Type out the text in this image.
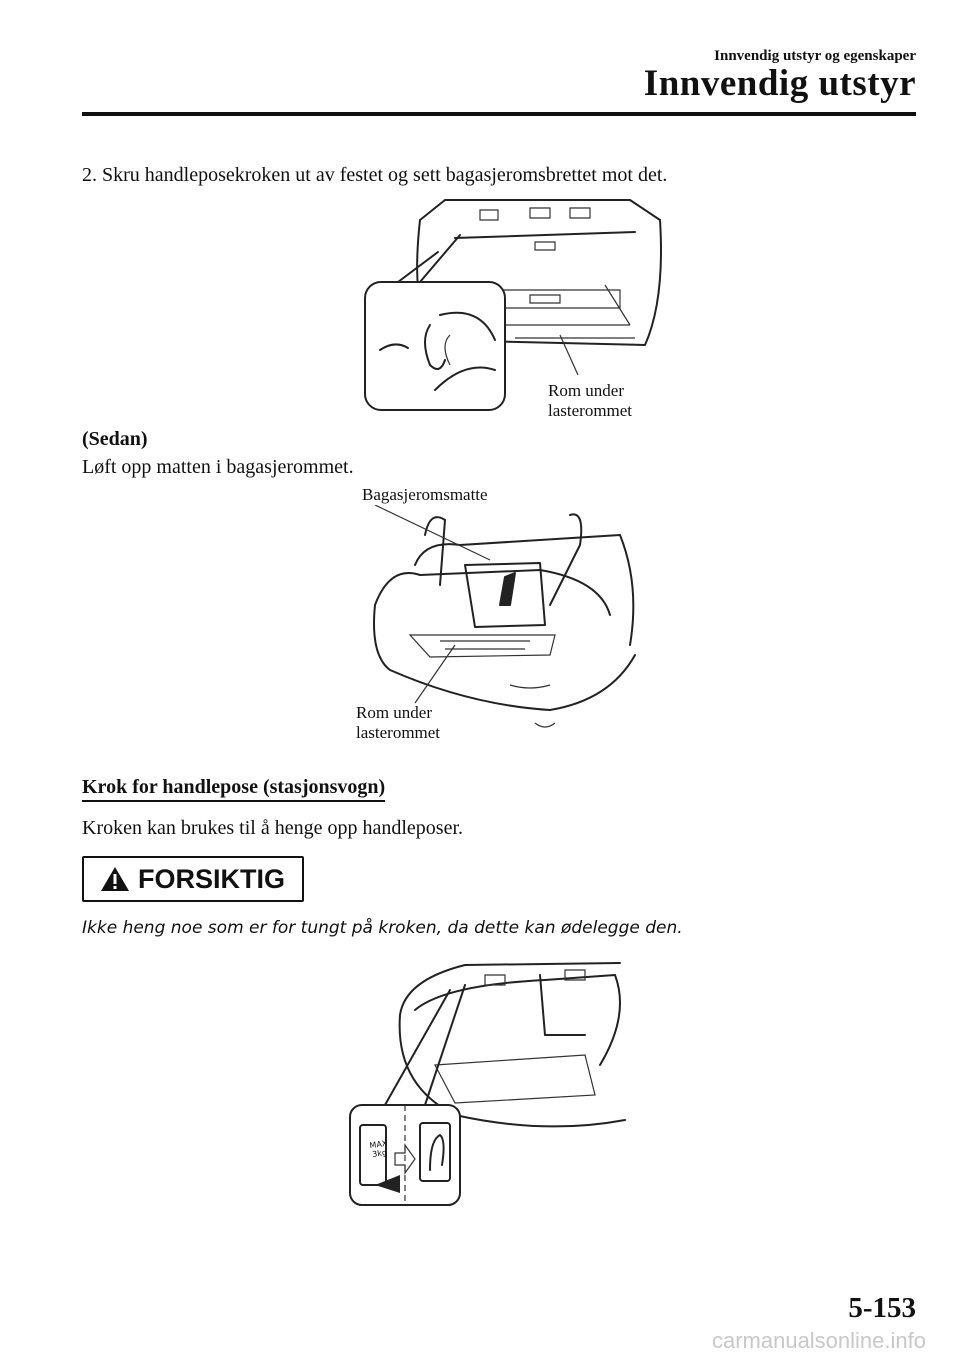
Innvendig utstyr og egenskaper
Innvendig utstyr
2. Skru handleposekroken ut av festet og sett bagasjeromsbrettet mot det.
Rom under lasterommet
(Sedan)
Løft opp matten i bagasjerommet.
Bagasjeromsmatte
Rom under lasterommet
Krok for handlepose (stasjonsvogn)
Kroken kan brukes til å henge opp handleposer.
FORSIKTIG
Ikke heng noe som er for tungt på kroken, da dette kan ødelegge den.
MAX 3kg
5-153
carmanualsonline.info
